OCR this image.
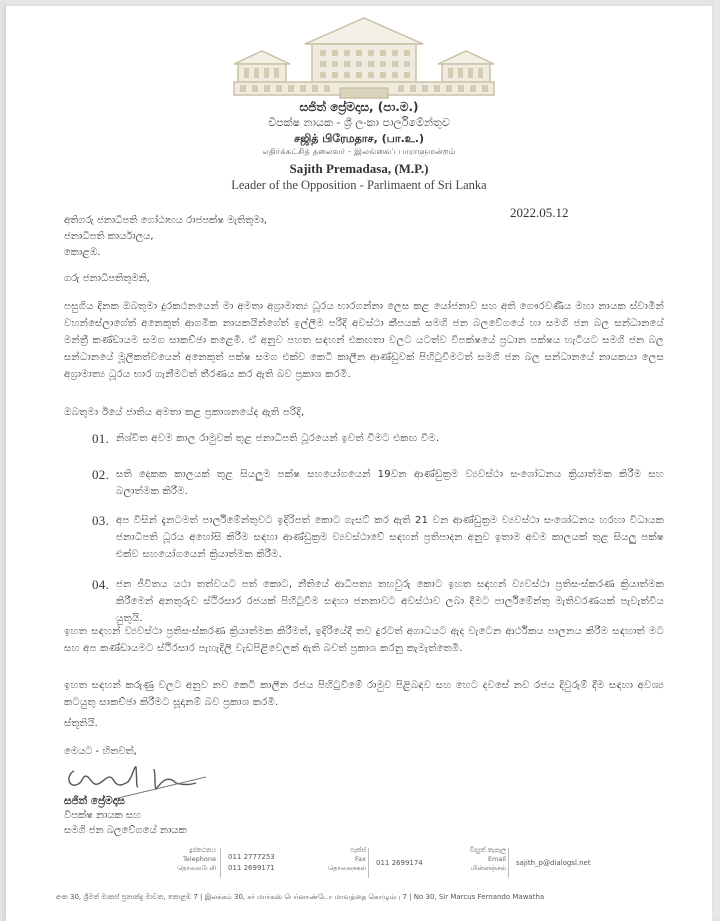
සජිත් ප්‍රේමදාස, (පා.ම.)
විපක්ෂ නායක - ශ්‍රී ලංකා පාර්ලිමේන්තුව
சஜித் பிரேமதாச, (பா.உ.)
எதிர்க்கட்சித் தலைவர் - இலங்கைப் பாராளுமன்றம்
Sajith Premadasa, (M.P.)
Leader of the Opposition - Parlimaent of Sri Lanka
2022.05.12
අතිගරු ජනාධිපති ගෝඨාභය රාජපක්ෂ මැතිතුමා,
ජනාධිපති කාර්යාලය,
කොළඹ.
ගරු ජනාධිපතිතුමනි,
පසුගිය දිනක ඔබතුමා දුරකථනයෙන් මා අමතා අග්‍රාමාත්‍ය ධූරය භාරගන්නා ලෙස කළ යෝජනාව සහ අති ගෞරවණීය මහා නායක ස්වාමීන් වහන්සේලාගේත් අනෙකුත් ආගමික නායකයින්ගේත් ඉල්ලීම පරිදි අවස්ථා කීපයක් සමගි ජන බලවේගයේ හා සමගි ජන බල සන්ධානයේ මන්ත්‍රී කණ්ඩායම සමග සාකච්ඡා කළෙමි. ඒ අනුව පහත සඳහන් එකඟතා වලට යටත්ව විපක්ෂයේ ප්‍රධාන පක්ෂය හැටියට සමගි ජන බල සන්ධානයේ මූලිකත්වයෙන් අනෙකුත් පක්ෂ සමග එක්ව කෙටි කාලීන ආණ්ඩුවක් පිහිටුවීමටත් සමගි ජන බල සන්ධානයේ නායකයා ලෙස අග්‍රාමාත්‍ය ධූරය භාර ගැනීමටත් තීරණය කර ඇති බව ප්‍රකාශ කරමි.
ඔබතුමා ඊයේ ජාතිය අමතා කළ ප්‍රකාශනයේද ඇති පරිදි,
01. නිශ්චිත අවම කාල රාමුවක් තුළ ජනාධිපති ධූරයෙන් ඉවත් වීමට එකඟ වීම.
02. සති දෙකක කාලයක් තුළ සියලුම පක්ෂ සහයෝගයෙන් 19වන ආණ්ඩුක්‍රම ව්‍යවස්ථා සංශෝධනය ක්‍රියාත්මක කිරීම සහ බලාත්මක කිරීම.
03. අප විසින් දැනටමත් පාර්ලිමේන්තුවට ඉදිරිපත් කොට ගැසට් කර ඇති 21 වන ආණ්ඩුක්‍රම ව්‍යවස්ථා සංශෝධනය හරහා විධායක ජනාධිපති ධූරය අහෝසි කිරීම සඳහා ආණ්ඩුක්‍රම ව්‍යවස්ථාවේ සඳහන් ප්‍රතිපාදන අනුව ඉතාම අවම කාලයක් තුළ සියලු පක්ෂ එක්ව සහයෝගයෙන් ක්‍රියාත්මක කිරීම.
04. ජන ජීවිතය යථා තත්වයට පත් කොට, නීතියේ ආධිපත්‍ය තහවුරු කොට ඉහත සඳහන් ව්‍යවස්ථා ප්‍රතිසංස්කරණ ක්‍රියාත්මක කිරීමෙන් අනතුරුව ස්ථිරසාර රජයක් පිහිටුවීම සඳහා ජනතාවට අවස්ථාව ලබා දීමට පාර්ලිමේන්තු මැතිවරණයක් පැවැත්විය යුතුයි.
ඉහත සඳහන් ව්‍යවස්ථා ප්‍රතිසංස්කරණ ක්‍රියාත්මක කිරීමත්, ඉදිරියේදී තව දුරටත් අගාධයට ඇද වැටෙන ආර්ථිකය පාලනය කිරීම සඳහාත් මට සහ අප කණ්ඩායමට ස්ථිරසාර පැහැදිලි වැඩපිළිවෙලක් ඇති බවත් ප්‍රකාශ කරනු කැමැත්තෙමි.
ඉහත සඳහන් කරුණු වලට අනුව නව කෙටි කාලීන රජය පිහිටුවීමේ රාමුව පිළිබඳව සහ හෙට දවසේ නව රජය දිවුරුම් දීම සඳහා අවශ්‍ය කටයුතු සාකච්ඡා කිරීමට සූදානම් බව ප්‍රකාශ කරමි.
ස්තූතියි.
මෙයට - හිතවත්,
සජිත් ප්‍රේමදාස
විපක්ෂ නායක සහ
සමගි ජන බලවේගයේ නායක
දුරකථනය
Telephone
தொலைபேசி
011 2777253
011 2699171
ෆැක්ස්
Fax
தொலைநகல்
011 2699174
විද්‍යුත් තැපෑල
Email
மின்னஞ்சல்
sajith_p@dialogsl.net
අංක 30, ශ්‍රීමත් මාකස් ප්‍රනාන්දු මාවත, කොළඹ 7 | இலக்கம் 30, சர் மார்கஸ் பெர்னாண்டோ மாவத்தை கொழும்பு 7 | No 30, Sir Marcus Fernando Mawatha
